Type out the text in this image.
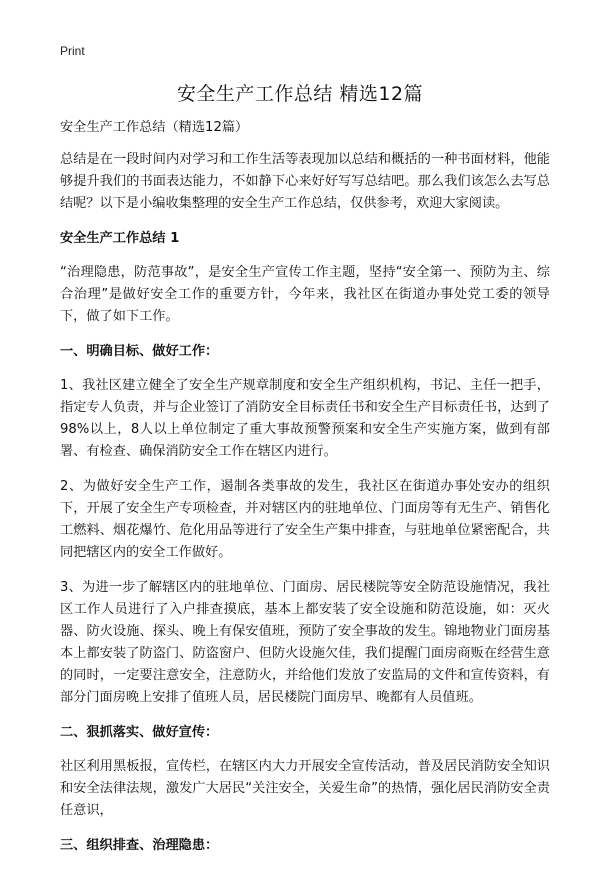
Print
安全生产工作总结 精选12篇

安全生产工作总结（精选12篇）

总结是在一段时间内对学习和工作生活等表现加以总结和概括的一种书面材料，他能够提升我们的书面表达能力，不如静下心来好好写写总结吧。那么我们该怎么去写总结呢？以下是小编收集整理的安全生产工作总结，仅供参考，欢迎大家阅读。

安全生产工作总结 1

“治理隐患，防范事故”，是安全生产宣传工作主题，坚持“安全第一、预防为主、综合治理”是做好安全工作的重要方针，今年来，我社区在街道办事处党工委的领导下，做了如下工作。

一、明确目标、做好工作：

1、我社区建立健全了安全生产规章制度和安全生产组织机构，书记、主任一把手，指定专人负责，并与企业签订了消防安全目标责任书和安全生产目标责任书，达到了98%以上，8人以上单位制定了重大事故预警预案和安全生产实施方案，做到有部署、有检查、确保消防安全工作在辖区内进行。

2、为做好安全生产工作，遏制各类事故的发生，我社区在街道办事处安办的组织下，开展了安全生产专项检查，并对辖区内的驻地单位、门面房等有无生产、销售化工燃料、烟花爆竹、危化用品等进行了安全生产集中排查，与驻地单位紧密配合，共同把辖区内的安全工作做好。

3、为进一步了解辖区内的驻地单位、门面房、居民楼院等安全防范设施情况，我社区工作人员进行了入户排查摸底，基本上都安装了安全设施和防范设施，如：灭火器、防火设施、探头、晚上有保安值班，预防了安全事故的发生。锦地物业门面房基本上都安装了防盗门、防盗窗户、但防火设施欠佳，我们提醒门面房商贩在经营生意的同时，一定要注意安全，注意防火，并给他们发放了安监局的文件和宣传资料，有部分门面房晚上安排了值班人员，居民楼院门面房早、晚都有人员值班。

二、狠抓落实、做好宣传：

社区利用黑板报，宣传栏，在辖区内大力开展安全宣传活动，普及居民消防安全知识和安全法律法规，激发广大居民“关注安全，关爱生命”的热情，强化居民消防安全责任意识，

三、组织排查、治理隐患：
